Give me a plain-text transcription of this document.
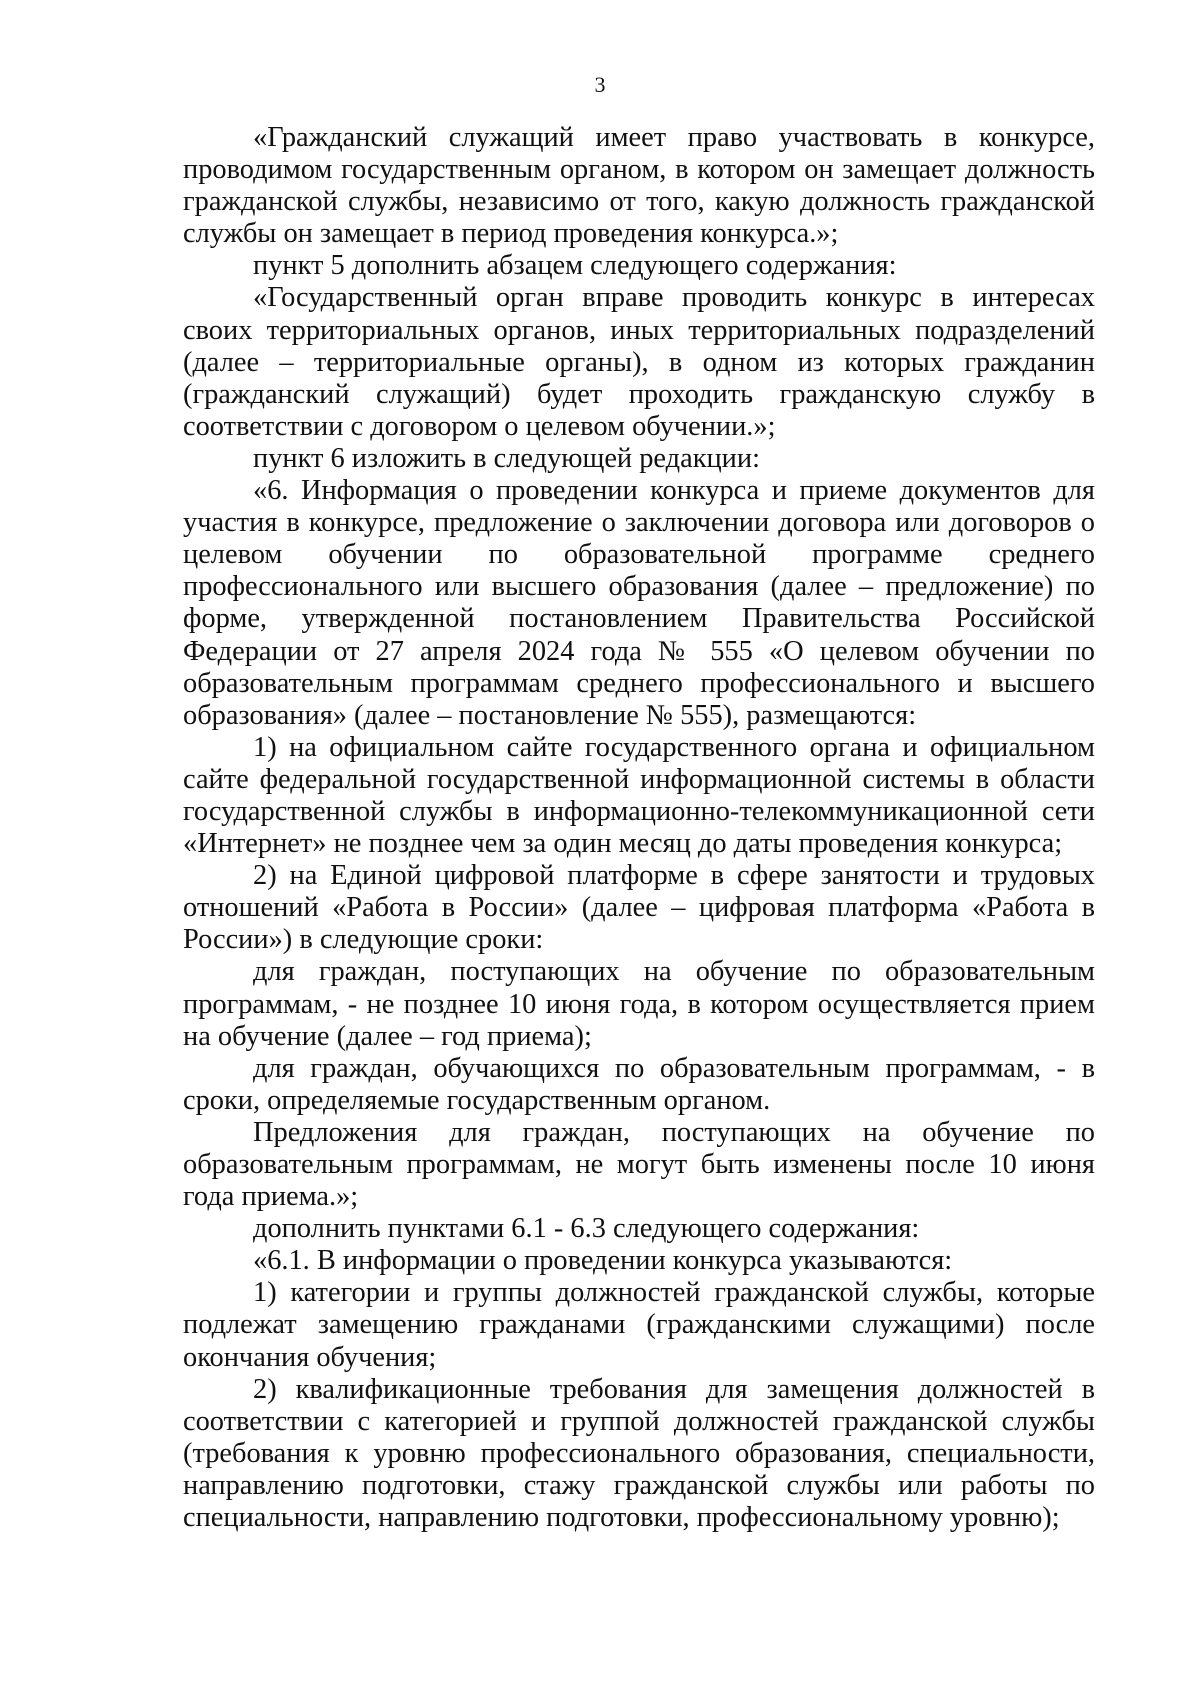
3

«Гражданский служащий имеет право участвовать в конкурсе, проводимом государственным органом, в котором он замещает должность гражданской службы, независимо от того, какую должность гражданской службы он замещает в период проведения конкурса.»;

пункт 5 дополнить абзацем следующего содержания:

«Государственный орган вправе проводить конкурс в интересах своих территориальных органов, иных территориальных подразделений (далее – территориальные органы), в одном из которых гражданин (гражданский служащий) будет проходить гражданскую службу в соответствии с договором о целевом обучении.»;

пункт 6 изложить в следующей редакции:

«6. Информация о проведении конкурса и приеме документов для участия в конкурсе, предложение о заключении договора или договоров о целевом обучении по образовательной программе среднего профессионального или высшего образования (далее – предложение) по форме, утвержденной постановлением Правительства Российской Федерации от 27 апреля 2024 года № 555 «О целевом обучении по образовательным программам среднего профессионального и высшего образования» (далее – постановление № 555), размещаются:

1) на официальном сайте государственного органа и официальном сайте федеральной государственной информационной системы в области государственной службы в информационно-телекоммуникационной сети «Интернет» не позднее чем за один месяц до даты проведения конкурса;

2) на Единой цифровой платформе в сфере занятости и трудовых отношений «Работа в России» (далее – цифровая платформа «Работа в России») в следующие сроки:

для граждан, поступающих на обучение по образовательным программам, - не позднее 10 июня года, в котором осуществляется прием на обучение (далее – год приема);

для граждан, обучающихся по образовательным программам, - в сроки, определяемые государственным органом.

Предложения для граждан, поступающих на обучение по образовательным программам, не могут быть изменены после 10 июня года приема.»;

дополнить пунктами 6.1 - 6.3 следующего содержания:

«6.1. В информации о проведении конкурса указываются:

1) категории и группы должностей гражданской службы, которые подлежат замещению гражданами (гражданскими служащими) после окончания обучения;

2) квалификационные требования для замещения должностей в соответствии с категорией и группой должностей гражданской службы (требования к уровню профессионального образования, специальности, направлению подготовки, стажу гражданской службы или работы по специальности, направлению подготовки, профессиональному уровню);
